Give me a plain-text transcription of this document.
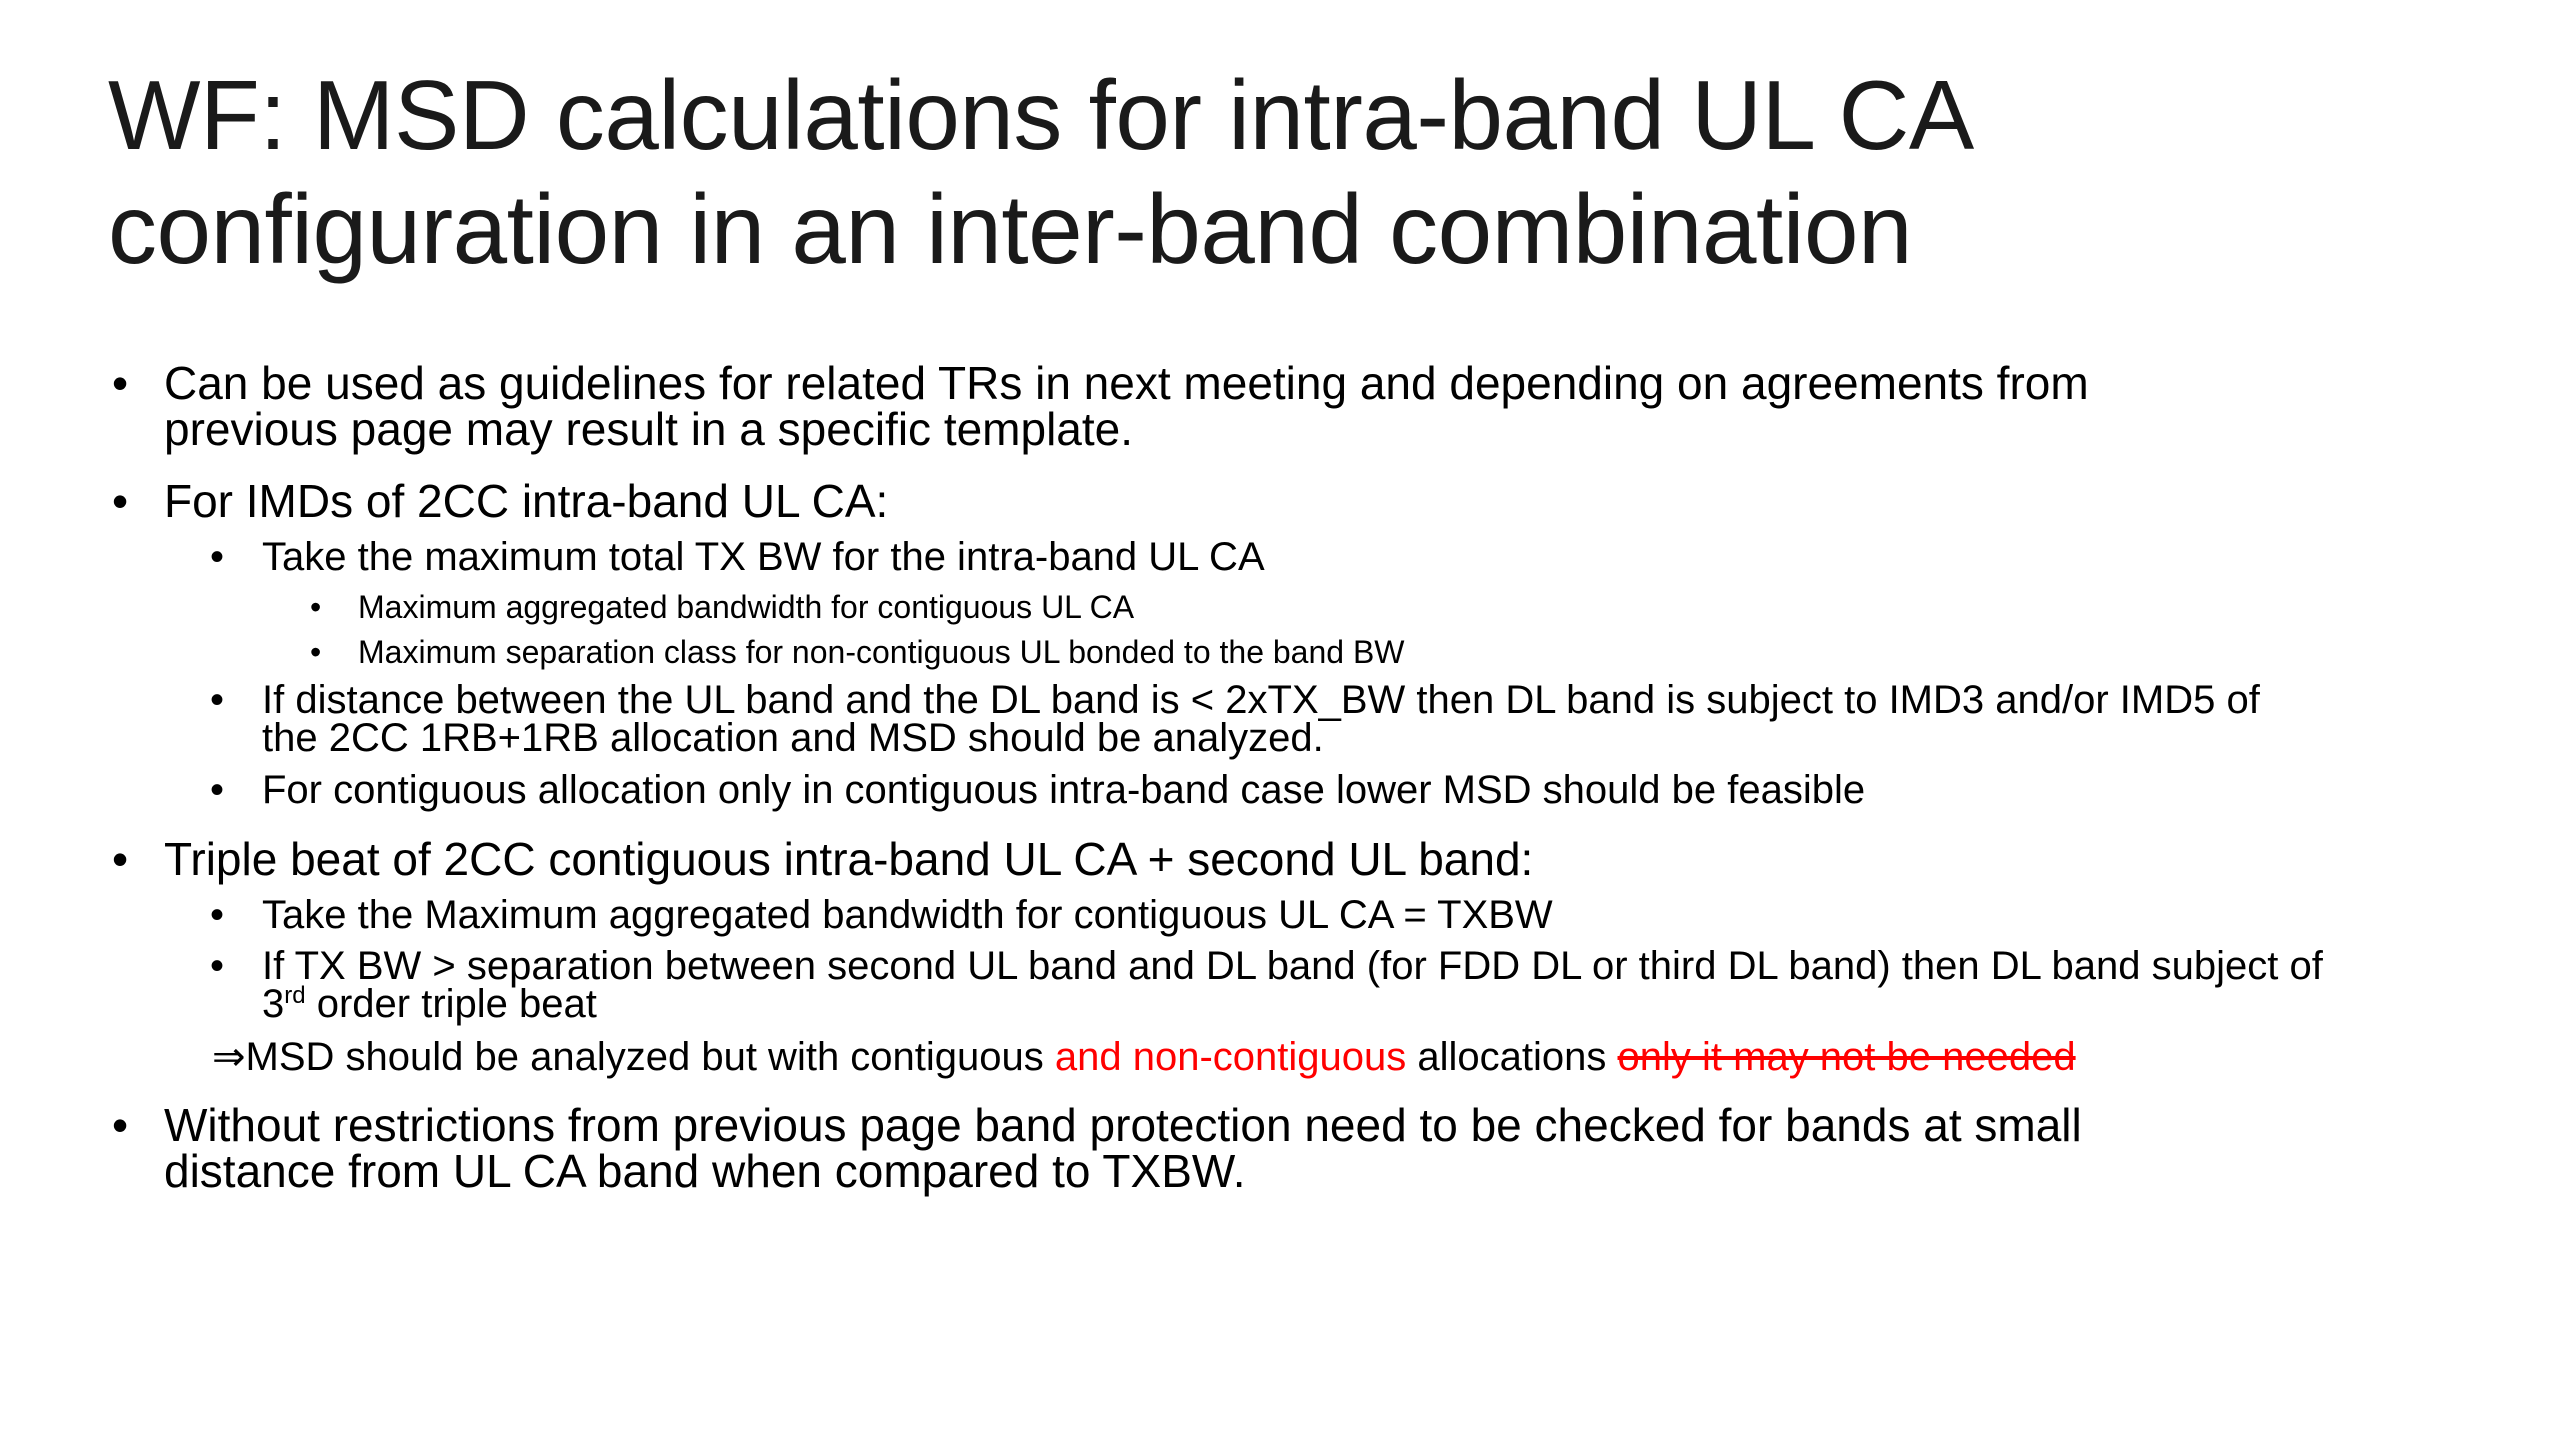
WF: MSD calculations for intra-band UL CA
configuration in an inter-band combination
• Can be used as guidelines for related TRs in next meeting and depending on agreements from
previous page may result in a specific template.
• For IMDs of 2CC intra-band UL CA:
• Take the maximum total TX BW for the intra-band UL CA
• Maximum aggregated bandwidth for contiguous UL CA
• Maximum separation class for non-contiguous UL bonded to the band BW
• If distance between the UL band and the DL band is < 2xTX_BW then DL band is subject to IMD3 and/or IMD5 of
the 2CC 1RB+1RB allocation and MSD should be analyzed.
• For contiguous allocation only in contiguous intra-band case lower MSD should be feasible
• Triple beat of 2CC contiguous intra-band UL CA + second UL band:
• Take the Maximum aggregated bandwidth for contiguous UL CA = TXBW
• If TX BW > separation between second UL band and DL band (for FDD DL or third DL band) then DL band subject of
3rd order triple beat
⇒MSD should be analyzed but with contiguous and non-contiguous allocations only it may not be needed
• Without restrictions from previous page band protection need to be checked for bands at small
distance from UL CA band when compared to TXBW.
